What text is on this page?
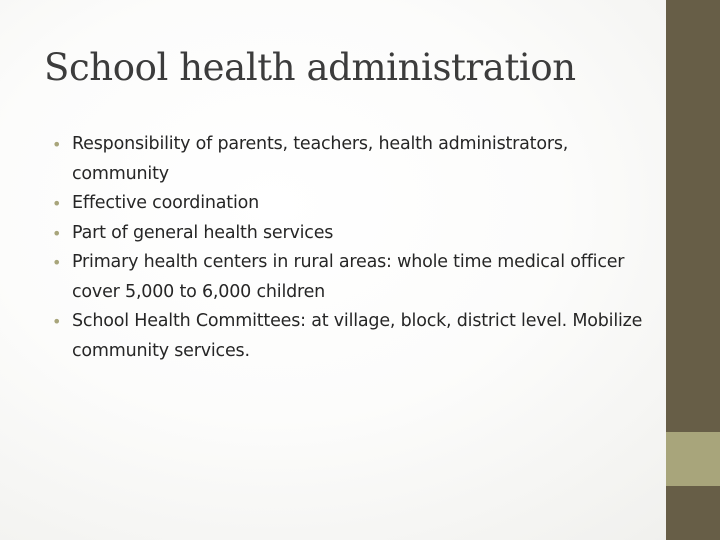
School health administration
• Responsibility of parents, teachers, health administrators, community
• Effective coordination
• Part of general health services
• Primary health centers in rural areas: whole time medical officer cover 5,000 to 6,000 children
• School Health Committees: at village, block, district level. Mobilize community services.
